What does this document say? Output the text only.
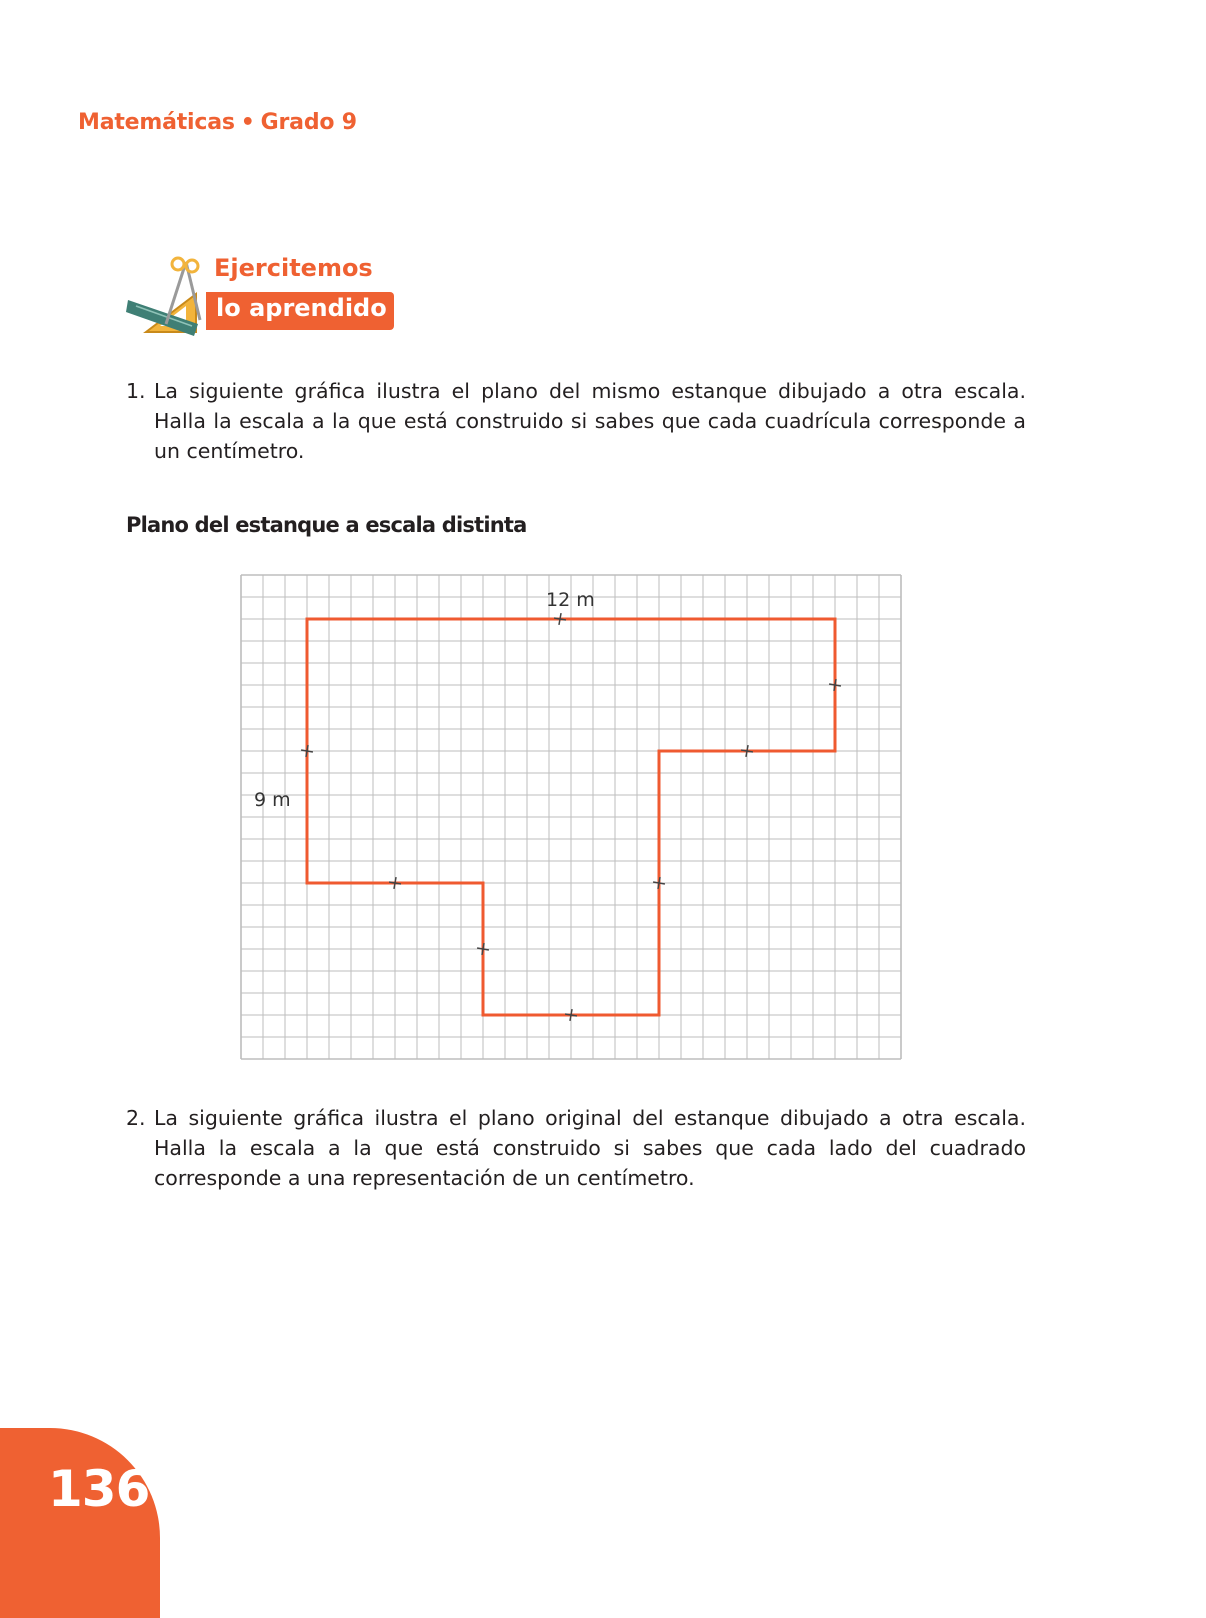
Matemáticas • Grado 9
Ejercitemos
lo aprendido
1. La siguiente gráfica ilustra el plano del mismo estanque dibujado a otra escala. Halla la escala a la que está construido si sabes que cada cuadrícula corresponde a un centímetro.
Plano del estanque a escala distinta
12 m
9 m
2. La siguiente gráfica ilustra el plano original del estanque dibujado a otra escala. Halla la escala a la que está construido si sabes que cada lado del cuadrado corresponde a una representación de un centímetro.
136
